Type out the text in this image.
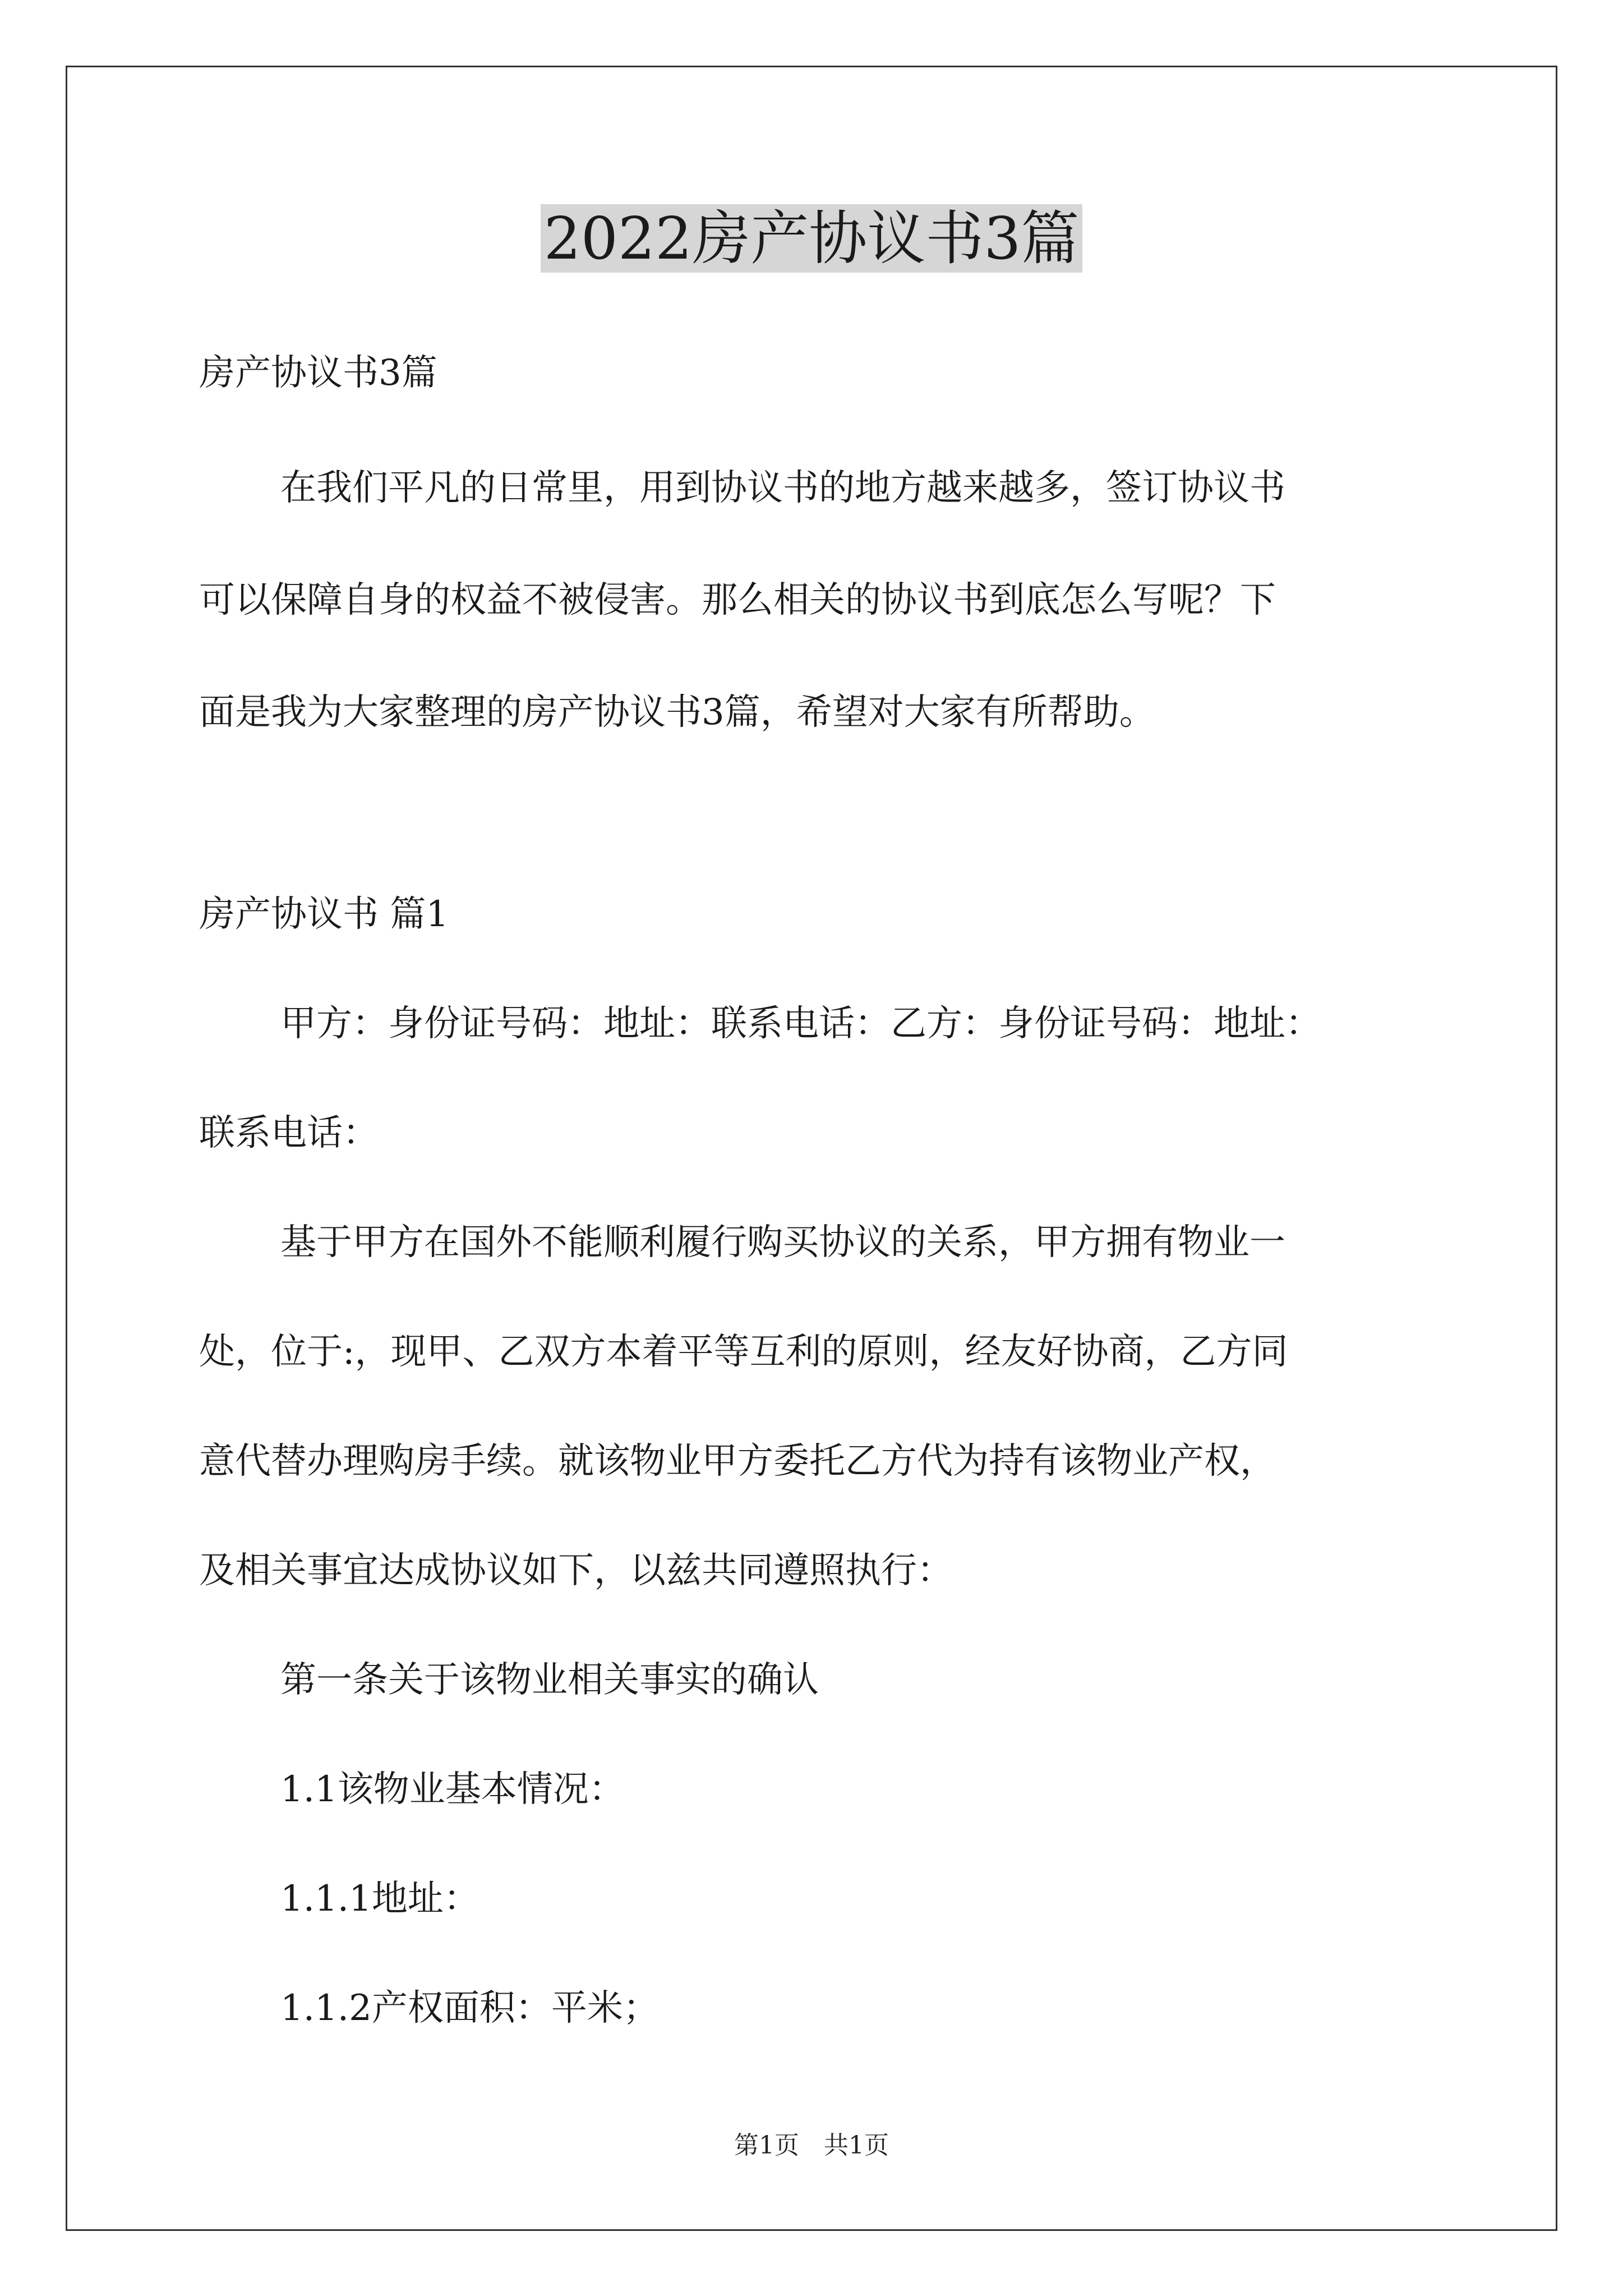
2022房产协议书3篇
房产协议书3篇
在我们平凡的日常里，用到协议书的地方越来越多，签订协议书
可以保障自身的权益不被侵害。那么相关的协议书到底怎么写呢？下
面是我为大家整理的房产协议书3篇，希望对大家有所帮助。
房产协议书 篇1
甲方：身份证号码：地址：联系电话：乙方：身份证号码：地址：
联系电话：
基于甲方在国外不能顺利履行购买协议的关系，甲方拥有物业一
处，位于:，现甲、乙双方本着平等互利的原则，经友好协商，乙方同
意代替办理购房手续。就该物业甲方委托乙方代为持有该物业产权，
及相关事宜达成协议如下，以兹共同遵照执行：
第一条关于该物业相关事实的确认
1.1该物业基本情况：
1.1.1地址：
1.1.2产权面积：平米；
第1页　共1页
